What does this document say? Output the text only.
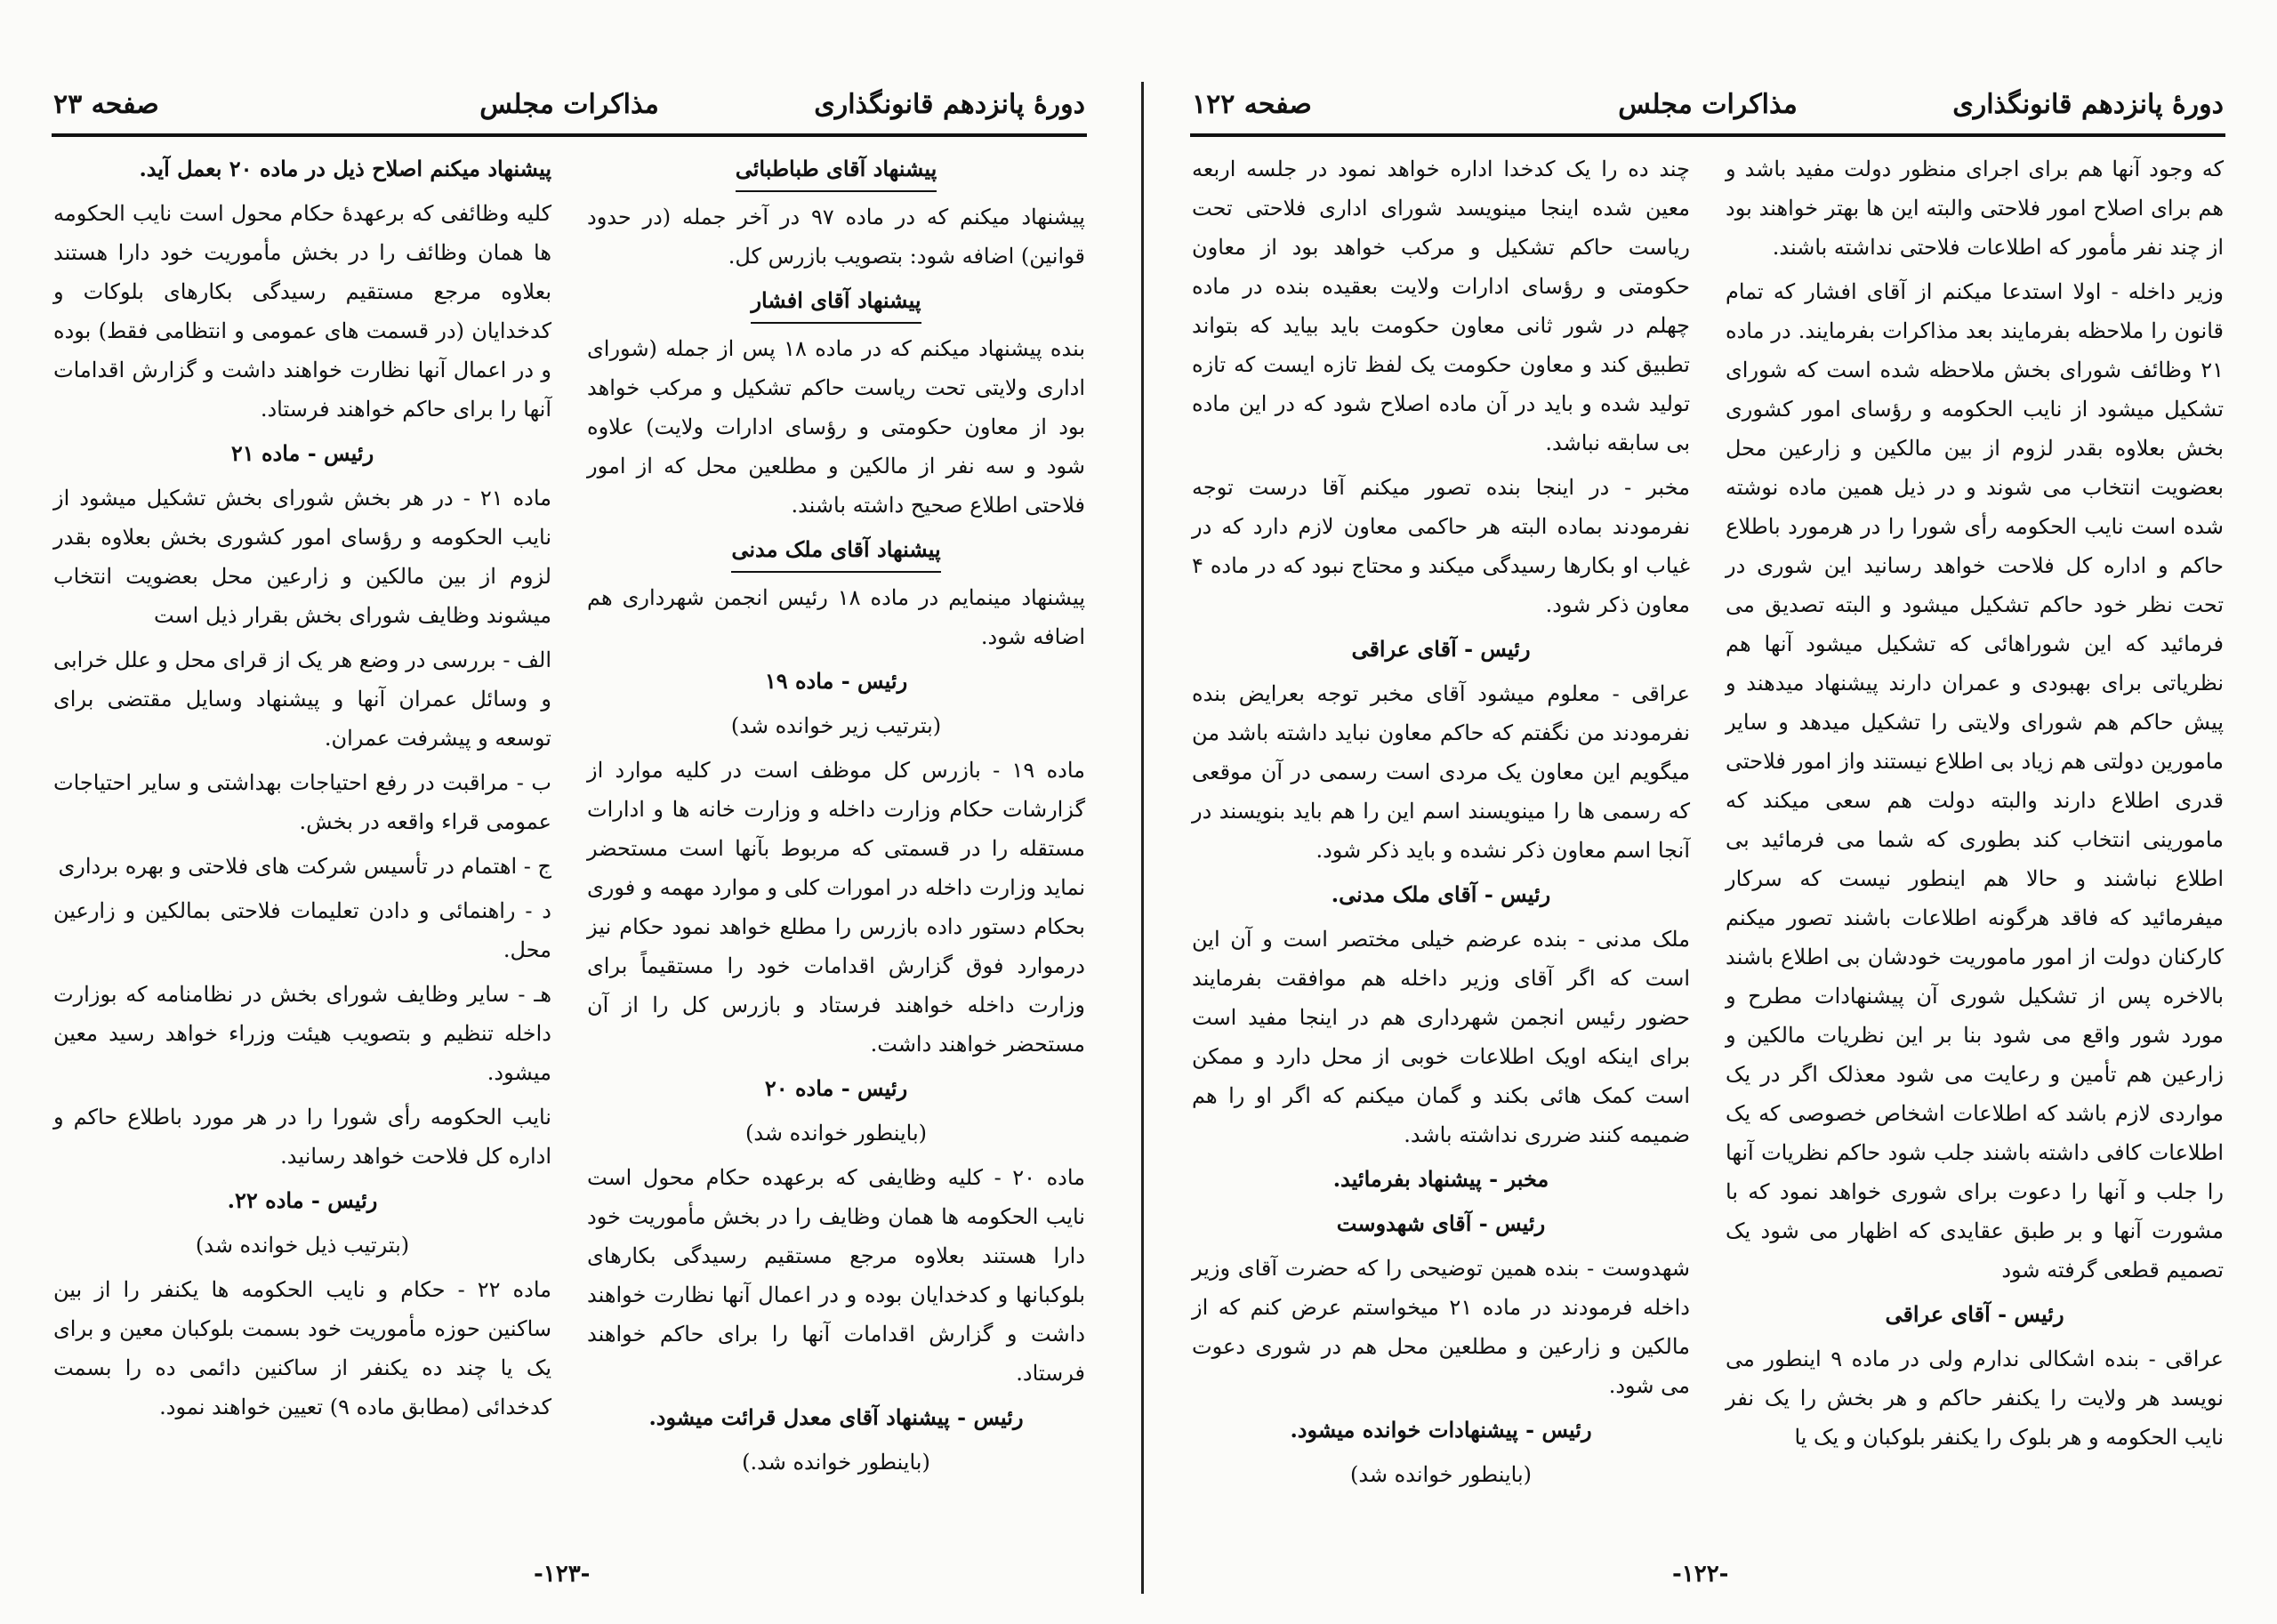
دورهٔ پانزدهم قانونگذاری
مذاکرات مجلس
صفحه ۲۳

پیشنهاد آقای طباطبائی

پیشنهاد میکنم که در ماده ۹۷ در آخر جمله (در حدود قوانین) اضافه شود: بتصویب بازرس کل.

پیشنهاد آقای افشار

بنده پیشنهاد میکنم که در ماده ۱۸ پس از جمله (شورای اداری ولایتی تحت ریاست حاکم تشکیل و مرکب خواهد بود از معاون حکومتی و رؤسای ادارات ولایت) علاوه شود و سه نفر از مالکین و مطلعین محل که از امور فلاحتی اطلاع صحیح داشته باشند.

پیشنهاد آقای ملک مدنی

پیشنهاد مینمایم در ماده ۱۸ رئیس انجمن شهرداری هم اضافه شود.

رئیس - ماده ۱۹

(بترتیب زیر خوانده شد)

ماده ۱۹ - بازرس کل موظف است در کلیه موارد از گزارشات حکام وزارت داخله و وزارت خانه ها و ادارات مستقله را در قسمتی که مربوط بآنها است مستحضر نماید وزارت داخله در امورات کلی و موارد مهمه و فوری بحکام دستور داده بازرس را مطلع خواهد نمود حکام نیز درموارد فوق گزارش اقدامات خود را مستقیماً برای وزارت داخله خواهند فرستاد و بازرس کل را از آن مستحضر خواهند داشت.

رئیس - ماده ۲۰

(باینطور خوانده شد)

ماده ۲۰ - کلیه وظایفی که برعهده حکام محول است نایب الحکومه ها همان وظایف را در بخش مأموریت خود دارا هستند بعلاوه مرجع مستقیم رسیدگی بکارهای بلوکبانها و کدخدایان بوده و در اعمال آنها نظارت خواهند داشت و گزارش اقدامات آنها را برای حاکم خواهند فرستاد.

رئیس - پیشنهاد آقای معدل قرائت میشود.

(باینطور خوانده شد.)

پیشنهاد میکنم اصلاح ذیل در ماده ۲۰ بعمل آید.

کلیه وظائفی که برعهدهٔ حکام محول است نایب الحکومه ها همان وظائف را در بخش مأموریت خود دارا هستند بعلاوه مرجع مستقیم رسیدگی بکارهای بلوکات و کدخدایان (در قسمت های عمومی و انتظامی فقط) بوده و در اعمال آنها نظارت خواهند داشت و گزارش اقدامات آنها را برای حاکم خواهند فرستاد.

رئیس - ماده ۲۱

ماده ۲۱ - در هر بخش شورای بخش تشکیل میشود از نایب الحکومه و رؤسای امور کشوری بخش بعلاوه بقدر لزوم از بین مالکین و زارعین محل بعضویت انتخاب میشوند وظایف شورای بخش بقرار ذیل است

الف - بررسی در وضع هر یک از قرای محل و علل خرابی و وسائل عمران آنها و پیشنهاد وسایل مقتضی برای توسعه و پیشرفت عمران.

ب - مراقبت در رفع احتیاجات بهداشتی و سایر احتیاجات عمومی قراء واقعه در بخش.

ج - اهتمام در تأسیس شرکت های فلاحتی و بهره برداری

د - راهنمائی و دادن تعلیمات فلاحتی بمالکین و زارعین محل.

هـ - سایر وظایف شورای بخش در نظامنامه که بوزارت داخله تنظیم و بتصویب هیئت وزراء خواهد رسید معین میشود.

نایب الحکومه رأی شورا را در هر مورد باطلاع حاکم و اداره کل فلاحت خواهد رسانید.

رئیس - ماده ۲۲.

(بترتیب ذیل خوانده شد)

ماده ۲۲ - حکام و نایب الحکومه ها یکنفر را از بین ساکنین حوزه مأموریت خود بسمت بلوکبان معین و برای یک یا چند ده یکنفر از ساکنین دائمی ده را بسمت کدخدائی (مطابق ماده ۹) تعیین خواهند نمود.

-۱۲۳-
دورهٔ پانزدهم قانونگذاری
مذاکرات مجلس
صفحه ۱۲۲

که وجود آنها هم برای اجرای منظور دولت مفید باشد و هم برای اصلاح امور فلاحتی والبته این ها بهتر خواهند بود از چند نفر مأمور که اطلاعات فلاحتی نداشته باشند.

وزیر داخله - اولا استدعا میکنم از آقای افشار که تمام قانون را ملاحظه بفرمایند بعد مذاکرات بفرمایند. در ماده ۲۱ وظائف شورای بخش ملاحظه شده است که شورای تشکیل میشود از نایب الحکومه و رؤسای امور کشوری بخش بعلاوه بقدر لزوم از بین مالکین و زارعین محل بعضویت انتخاب می شوند و در ذیل همین ماده نوشته شده است نایب الحکومه رأی شورا را در هرمورد باطلاع حاکم و اداره کل فلاحت خواهد رسانید این شوری در تحت نظر خود حاکم تشکیل میشود و البته تصدیق می فرمائید که این شوراهائی که تشکیل میشود آنها هم نظریاتی برای بهبودی و عمران دارند پیشنهاد میدهند و پیش حاکم هم شورای ولایتی را تشکیل میدهد و سایر مامورین دولتی هم زیاد بی اطلاع نیستند واز امور فلاحتی قدری اطلاع دارند والبته دولت هم سعی میکند که مامورینی انتخاب کند بطوری که شما می فرمائید بی اطلاع نباشند و حالا هم اینطور نیست که سرکار میفرمائید که فاقد هرگونه اطلاعات باشند تصور میکنم کارکنان دولت از امور ماموریت خودشان بی اطلاع باشند بالاخره پس از تشکیل شوری آن پیشنهادات مطرح و مورد شور واقع می شود بنا بر این نظریات مالکین و زارعین هم تأمین و رعایت می شود معذلک اگر در یک مواردی لازم باشد که اطلاعات اشخاص خصوصی که یک اطلاعات کافی داشته باشند جلب شود حاکم نظریات آنها را جلب و آنها را دعوت برای شوری خواهد نمود که با مشورت آنها و بر طبق عقایدی که اظهار می شود یک تصمیم قطعی گرفته شود

رئیس - آقای عراقی

عراقی - بنده اشکالی ندارم ولی در ماده ۹ اینطور می نویسد هر ولایت را یکنفر حاکم و هر بخش را یک نفر نایب الحکومه و هر بلوک را یکنفر بلوکبان و یک یا

چند ده را یک کدخدا اداره خواهد نمود در جلسه اربعه معین شده اینجا مینویسد شورای اداری فلاحتی تحت ریاست حاکم تشکیل و مرکب خواهد بود از معاون حکومتی و رؤسای ادارات ولایت بعقیده بنده در ماده چهلم در شور ثانی معاون حکومت باید بیاید که بتواند تطبیق کند و معاون حکومت یک لفظ تازه ایست که تازه تولید شده و باید در آن ماده اصلاح شود که در این ماده بی سابقه نباشد.

مخبر - در اینجا بنده تصور میکنم آقا درست توجه نفرمودند بماده البته هر حاکمی معاون لازم دارد که در غیاب او بکارها رسیدگی میکند و محتاج نبود که در ماده ۴ معاون ذکر شود.

رئیس - آقای عراقی

عراقی - معلوم میشود آقای مخبر توجه بعرایض بنده نفرمودند من نگفتم که حاکم معاون نباید داشته باشد من میگویم این معاون یک مردی است رسمی در آن موقعی که رسمی ها را مینویسند اسم این را هم باید بنویسند در آنجا اسم معاون ذکر نشده و باید ذکر شود.

رئیس - آقای ملک مدنی.

ملک مدنی - بنده عرضم خیلی مختصر است و آن این است که اگر آقای وزیر داخله هم موافقت بفرمایند حضور رئیس انجمن شهرداری هم در اینجا مفید است برای اینکه اویک اطلاعات خوبی از محل دارد و ممکن است کمک هائی بکند و گمان میکنم که اگر او را هم ضمیمه کنند ضرری نداشته باشد.

مخبر - پیشنهاد بفرمائید.

رئیس - آقای شهدوست

شهدوست - بنده همین توضیحی را که حضرت آقای وزیر داخله فرمودند در ماده ۲۱ میخواستم عرض کنم که از مالکین و زارعین و مطلعین محل هم در شوری دعوت می شود.

رئیس - پیشنهادات خوانده میشود.

(باینطور خوانده شد)

-۱۲۲-
